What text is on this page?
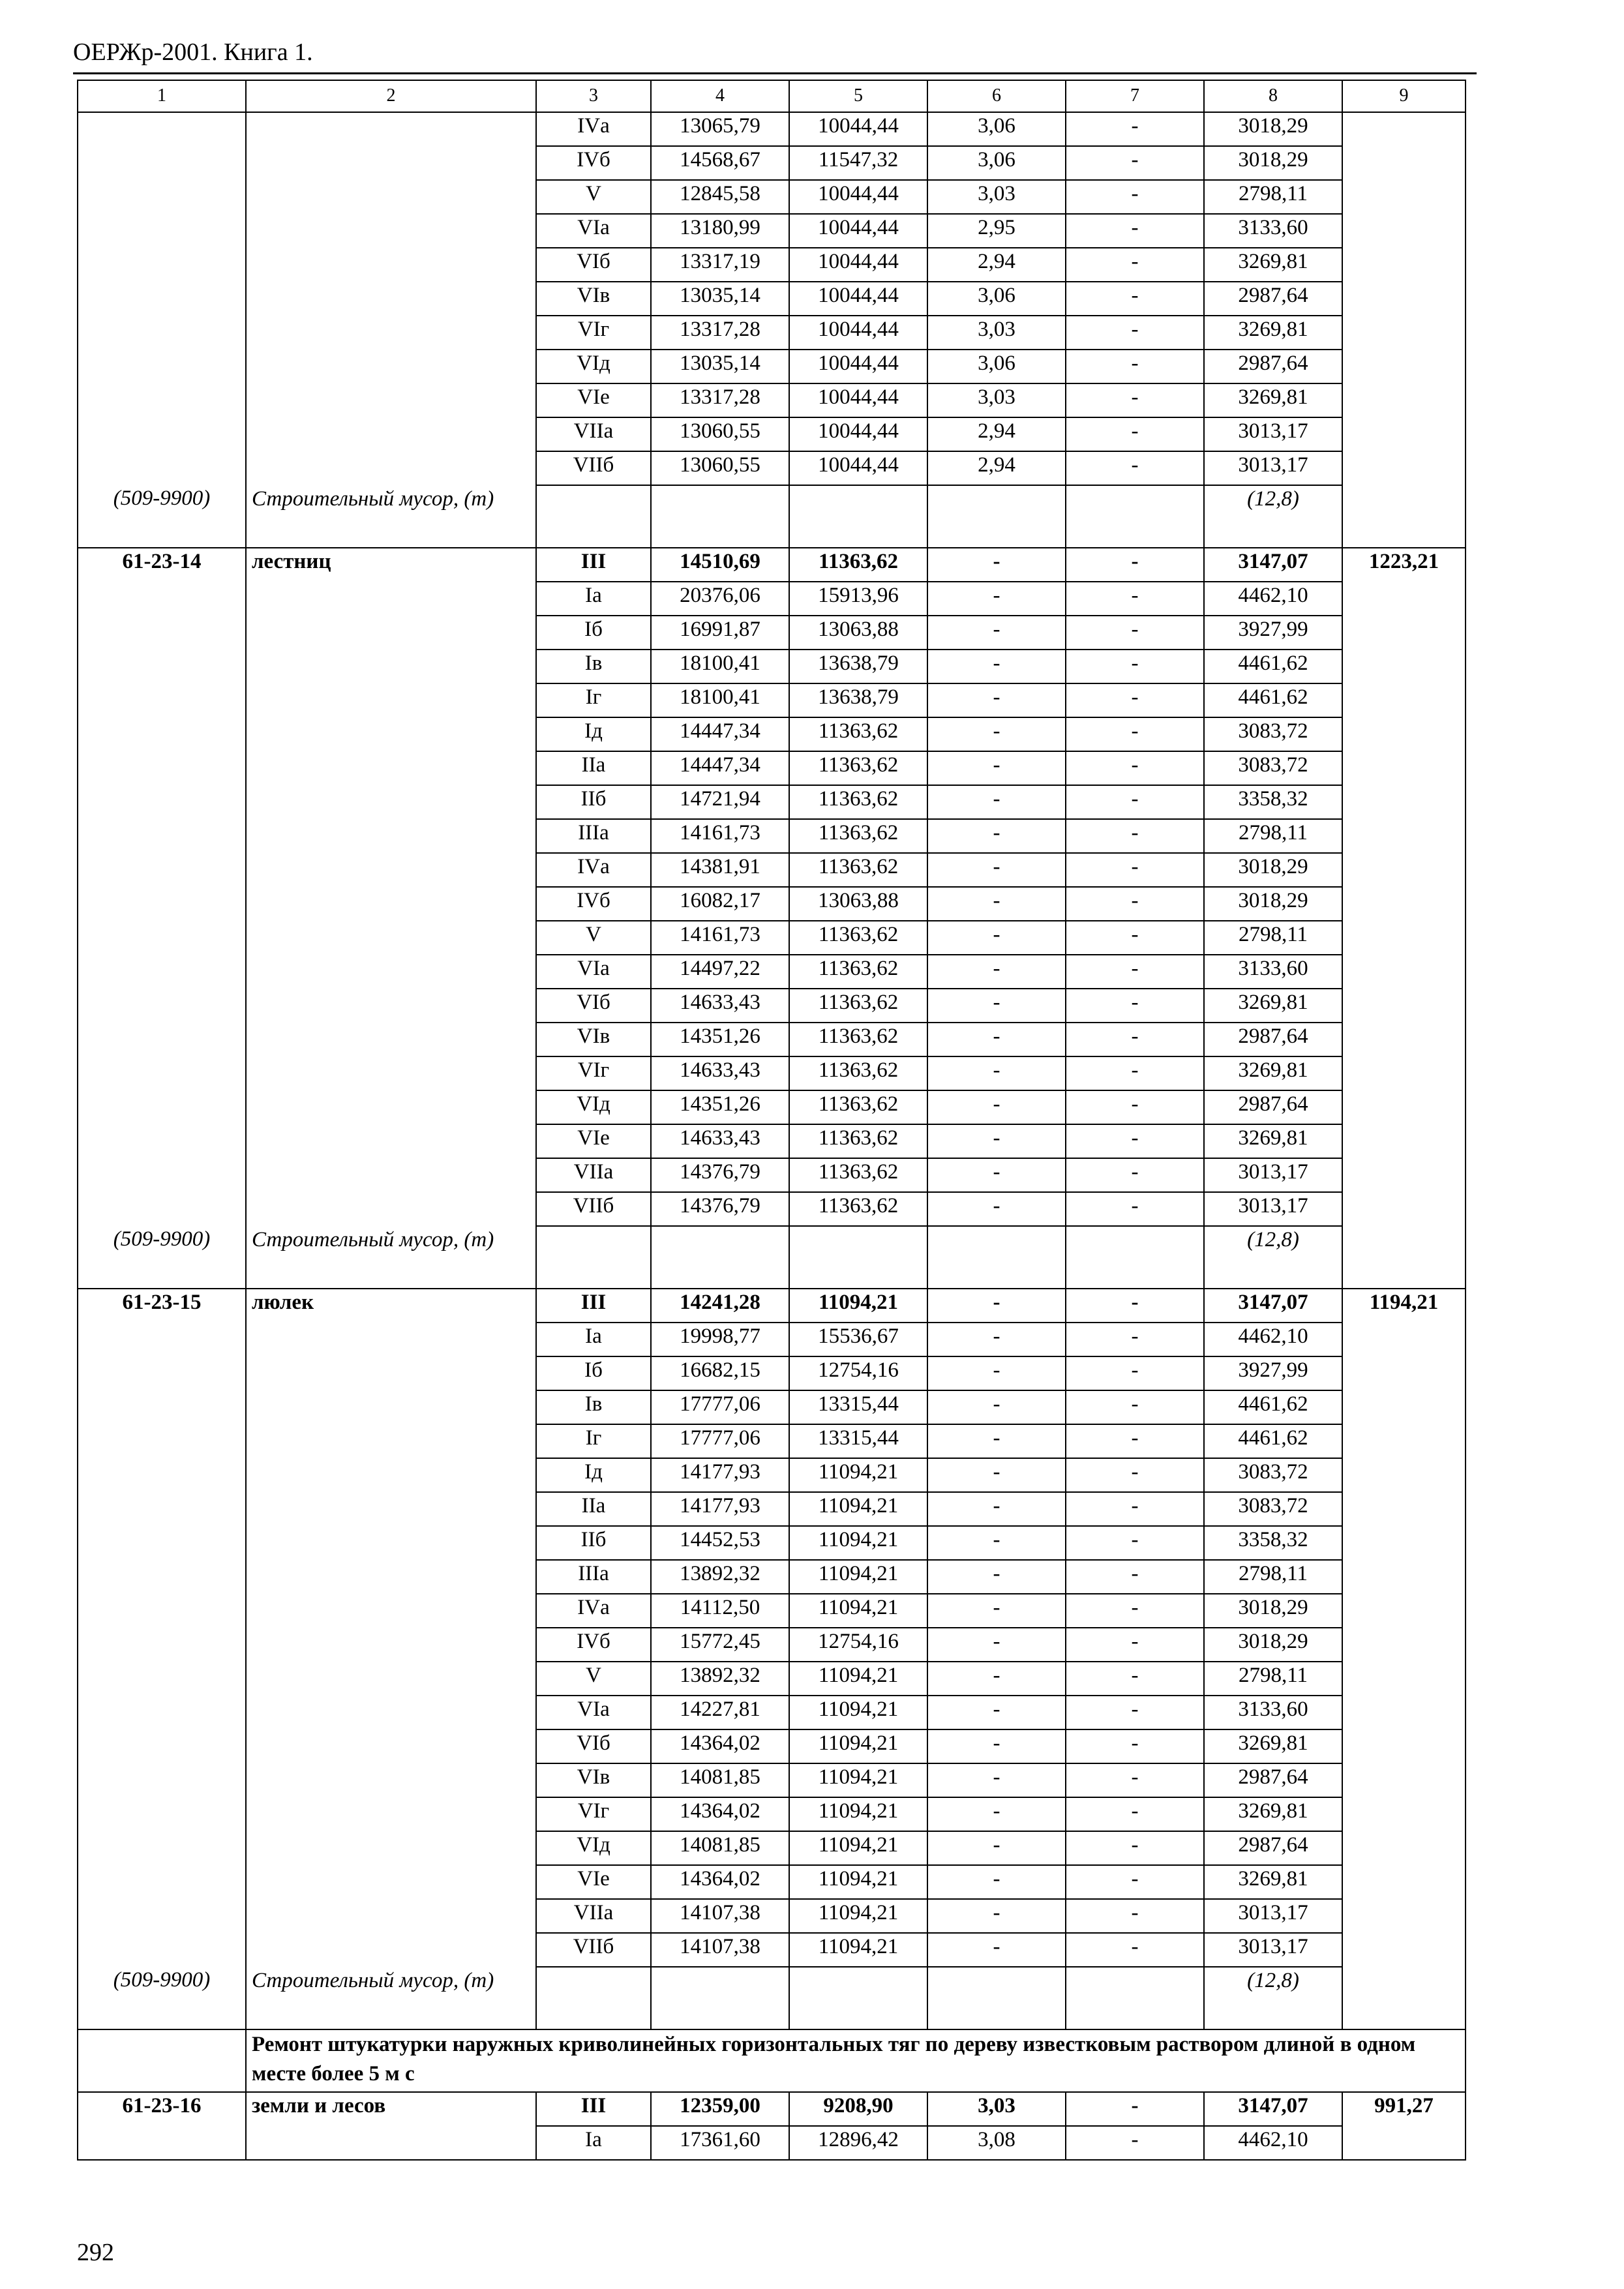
ОЕРЖр-2001. Книга 1.
1	2	3	4	5	6	7	8	9
		IVа	13065,79	10044,44	3,06	-	3018,29	
		IVб	14568,67	11547,32	3,06	-	3018,29	
		V	12845,58	10044,44	3,03	-	2798,11	
		VIа	13180,99	10044,44	2,95	-	3133,60	
		VIб	13317,19	10044,44	2,94	-	3269,81	
		VIв	13035,14	10044,44	3,06	-	2987,64	
		VIг	13317,28	10044,44	3,03	-	3269,81	
		VIд	13035,14	10044,44	3,06	-	2987,64	
		VIе	13317,28	10044,44	3,03	-	3269,81	
		VIIа	13060,55	10044,44	2,94	-	3013,17	
		VIIб	13060,55	10044,44	2,94	-	3013,17	
(509-9900)	Строительный мусор, (т)						(12,8)	
61-23-14	лестниц	III	14510,69	11363,62	-	-	3147,07	1223,21
		Iа	20376,06	15913,96	-	-	4462,10	
		Iб	16991,87	13063,88	-	-	3927,99	
		Iв	18100,41	13638,79	-	-	4461,62	
		Iг	18100,41	13638,79	-	-	4461,62	
		Iд	14447,34	11363,62	-	-	3083,72	
		IIа	14447,34	11363,62	-	-	3083,72	
		IIб	14721,94	11363,62	-	-	3358,32	
		IIIа	14161,73	11363,62	-	-	2798,11	
		IVа	14381,91	11363,62	-	-	3018,29	
		IVб	16082,17	13063,88	-	-	3018,29	
		V	14161,73	11363,62	-	-	2798,11	
		VIа	14497,22	11363,62	-	-	3133,60	
		VIб	14633,43	11363,62	-	-	3269,81	
		VIв	14351,26	11363,62	-	-	2987,64	
		VIг	14633,43	11363,62	-	-	3269,81	
		VIд	14351,26	11363,62	-	-	2987,64	
		VIе	14633,43	11363,62	-	-	3269,81	
		VIIа	14376,79	11363,62	-	-	3013,17	
		VIIб	14376,79	11363,62	-	-	3013,17	
(509-9900)	Строительный мусор, (т)						(12,8)	
61-23-15	люлек	III	14241,28	11094,21	-	-	3147,07	1194,21
		Iа	19998,77	15536,67	-	-	4462,10	
		Iб	16682,15	12754,16	-	-	3927,99	
		Iв	17777,06	13315,44	-	-	4461,62	
		Iг	17777,06	13315,44	-	-	4461,62	
		Iд	14177,93	11094,21	-	-	3083,72	
		IIа	14177,93	11094,21	-	-	3083,72	
		IIб	14452,53	11094,21	-	-	3358,32	
		IIIа	13892,32	11094,21	-	-	2798,11	
		IVа	14112,50	11094,21	-	-	3018,29	
		IVб	15772,45	12754,16	-	-	3018,29	
		V	13892,32	11094,21	-	-	2798,11	
		VIа	14227,81	11094,21	-	-	3133,60	
		VIб	14364,02	11094,21	-	-	3269,81	
		VIв	14081,85	11094,21	-	-	2987,64	
		VIг	14364,02	11094,21	-	-	3269,81	
		VIд	14081,85	11094,21	-	-	2987,64	
		VIе	14364,02	11094,21	-	-	3269,81	
		VIIа	14107,38	11094,21	-	-	3013,17	
		VIIб	14107,38	11094,21	-	-	3013,17	
(509-9900)	Строительный мусор, (т)						(12,8)	
	Ремонт штукатурки наружных криволинейных горизонтальных тяг по дереву известковым раствором длиной в одном месте более 5 м с							
61-23-16	земли и лесов	III	12359,00	9208,90	3,03	-	3147,07	991,27
		Iа	17361,60	12896,42	3,08	-	4462,10	
292
